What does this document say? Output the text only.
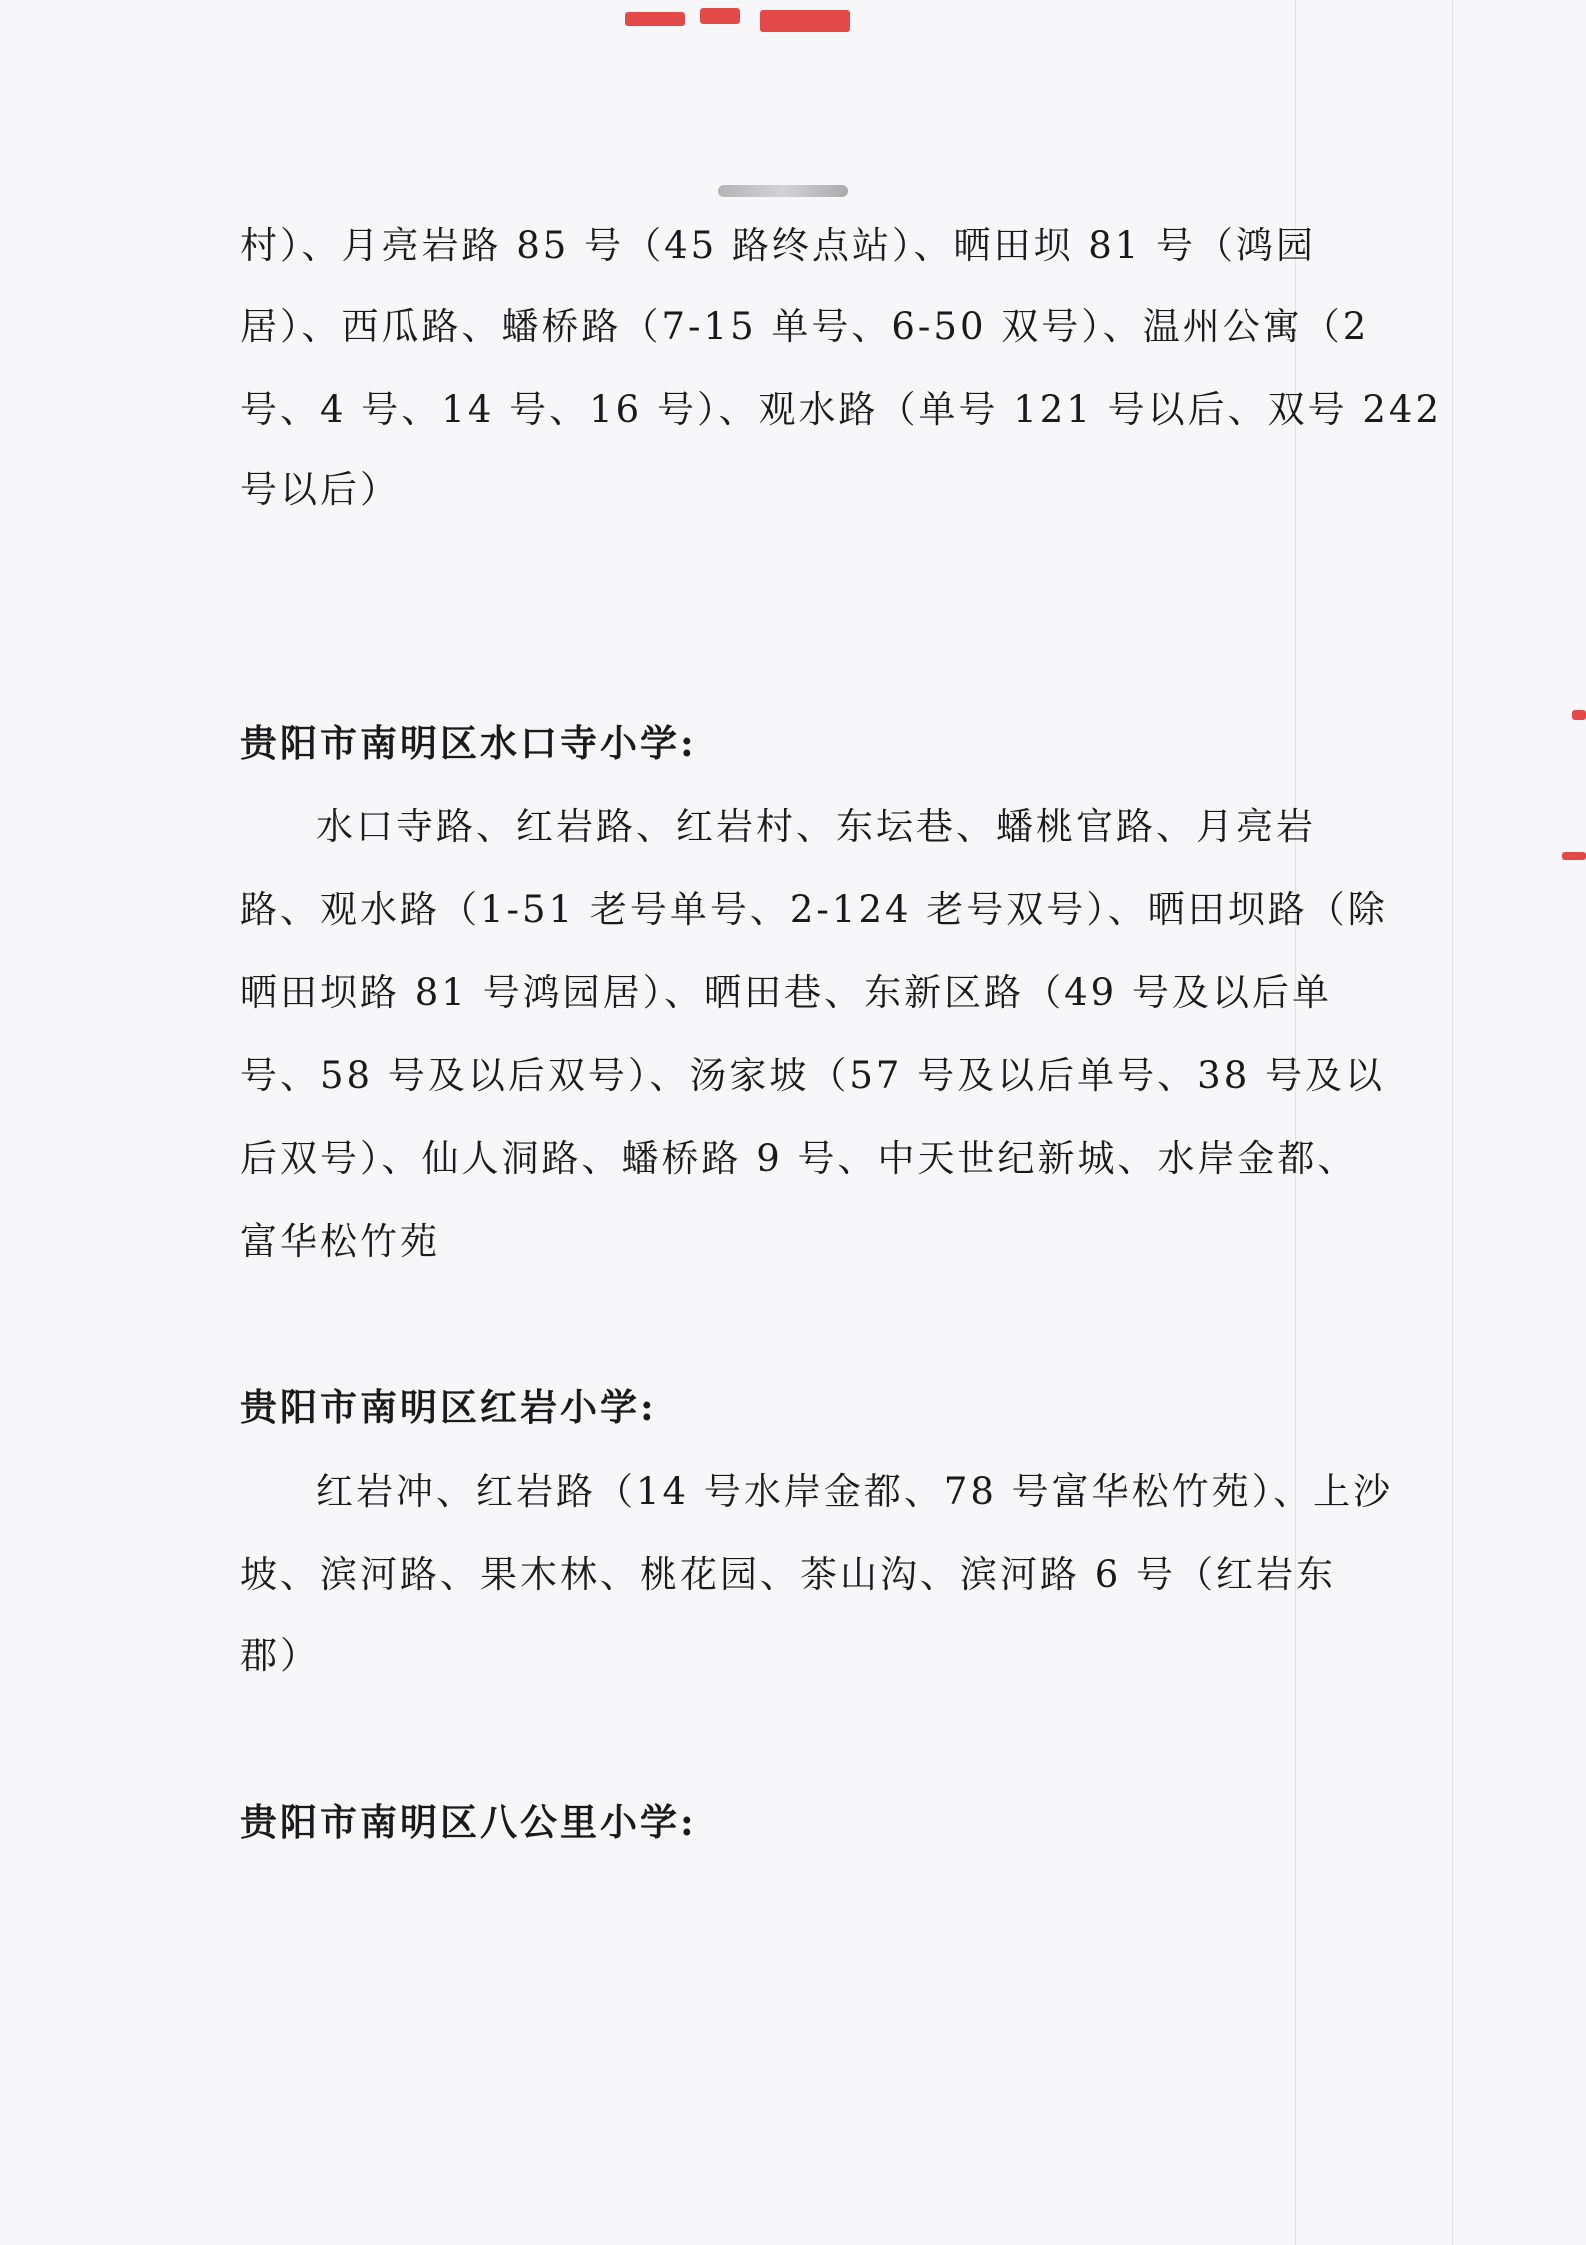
村）、月亮岩路 85 号（45 路终点站）、晒田坝 81 号（鸿园
居）、西瓜路、蟠桥路（7-15 单号、6-50 双号）、温州公寓（2
号、4 号、14 号、16 号）、观水路（单号 121 号以后、双号 242
号以后）
贵阳市南明区水口寺小学:
水口寺路、红岩路、红岩村、东坛巷、蟠桃官路、月亮岩
路、观水路（1-51 老号单号、2-124 老号双号）、晒田坝路（除
晒田坝路 81 号鸿园居）、晒田巷、东新区路（49 号及以后单
号、58 号及以后双号）、汤家坡（57 号及以后单号、38 号及以
后双号）、仙人洞路、蟠桥路 9 号、中天世纪新城、水岸金都、
富华松竹苑
贵阳市南明区红岩小学:
红岩冲、红岩路（14 号水岸金都、78 号富华松竹苑）、上沙
坡、滨河路、果木林、桃花园、茶山沟、滨河路 6 号（红岩东
郡）
贵阳市南明区八公里小学:
